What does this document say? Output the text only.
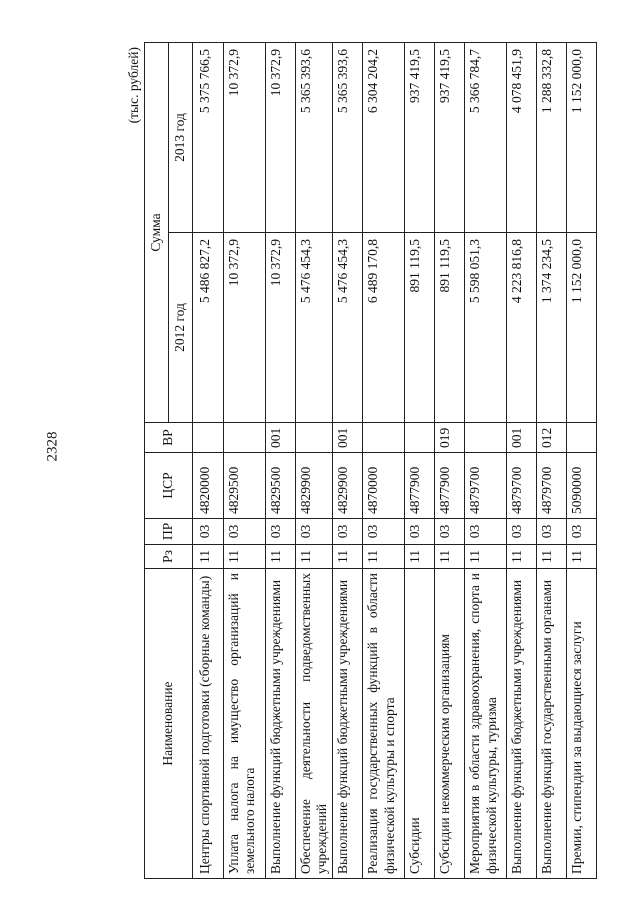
2328
(тыс. рублей)
Наименование	Рз	ПР	ЦСР	ВР	Сумма	
					2012 год	2013 год
Центры спортивной подготовки (сборные команды)	11	03	4820000		5 486 827,2	5 375 766,5
Уплата налога на имущество организаций и земельного налога	11	03	4829500		10 372,9	10 372,9
Выполнение функций бюджетными учреждениями	11	03	4829500	001	10 372,9	10 372,9
Обеспечение деятельности подведомственных учреждений	11	03	4829900		5 476 454,3	5 365 393,6
Выполнение функций бюджетными учреждениями	11	03	4829900	001	5 476 454,3	5 365 393,6
Реализация государственных функций в области физической культуры и спорта	11	03	4870000		6 489 170,8	6 304 204,2
Субсидии	11	03	4877900		891 119,5	937 419,5
Субсидии некоммерческим организациям	11	03	4877900	019	891 119,5	937 419,5
Мероприятия в области здравоохранения, спорта и физической культуры, туризма	11	03	4879700		5 598 051,3	5 366 784,7
Выполнение функций бюджетными учреждениями	11	03	4879700	001	4 223 816,8	4 078 451,9
Выполнение функций государственными органами	11	03	4879700	012	1 374 234,5	1 288 332,8
Премии, стипендии за выдающиеся заслуги	11	03	5090000		1 152 000,0	1 152 000,0
